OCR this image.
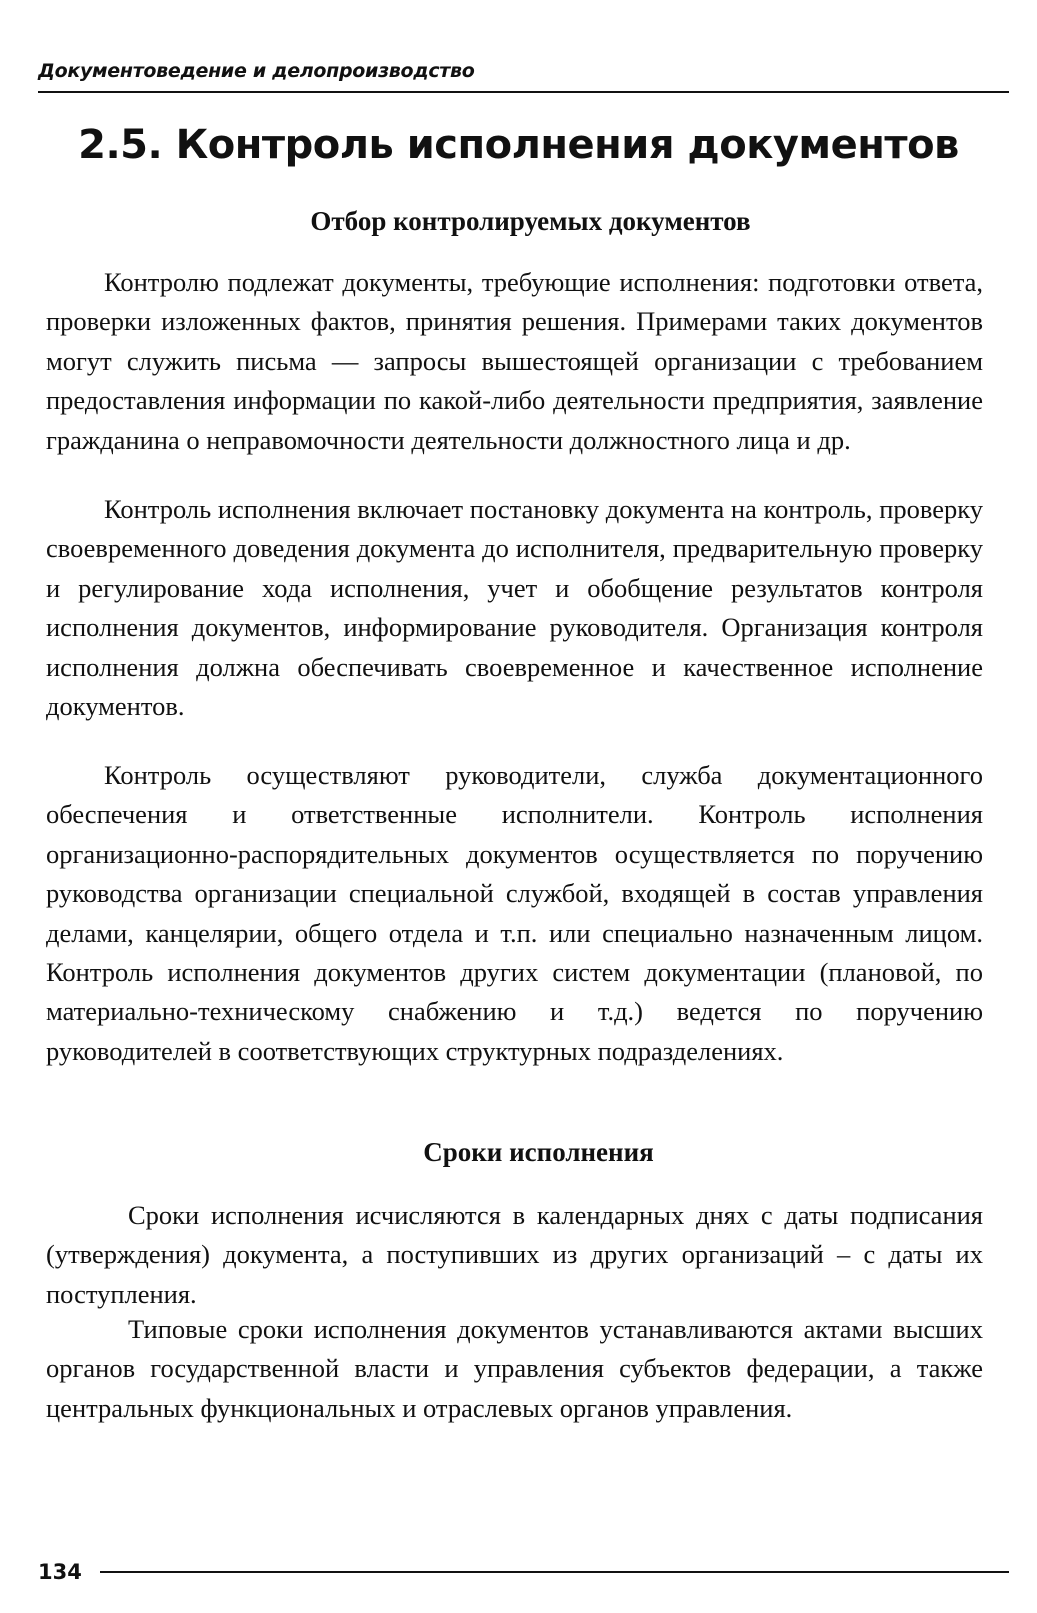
Документоведение и делопроизводство
2.5. Контроль исполнения документов
Отбор контролируемых документов

Контролю подлежат документы, требующие исполнения: подготовки ответа, проверки изложенных фактов, принятия решения. Примерами таких документов могут служить письма — запросы вышестоящей организации с требованием предоставления информации по какой-либо деятельности предприятия, заявление гражданина о неправомочности деятельности должностного лица и др.

Контроль исполнения включает постановку документа на контроль, проверку своевременного доведения документа до исполнителя, предварительную проверку и регулирование хода исполнения, учет и обобщение результатов контроля исполнения документов, информирование руководителя. Организация контроля исполнения должна обеспечивать своевременное и качественное исполнение документов.

Контроль осуществляют руководители, служба документационного обеспечения и ответственные исполнители. Контроль исполнения организационно-распорядительных документов осуществляется по поручению руководства организации специальной службой, входящей в состав управления делами, канцелярии, общего отдела и т.п. или специально назначенным лицом. Контроль исполнения документов других систем документации (плановой, по материально-техническому снабжению и т.д.) ведется по поручению руководителей в соответствующих структурных подразделениях.

Сроки исполнения

Сроки исполнения исчисляются в календарных днях с даты подписания (утверждения) документа, а поступивших из других организаций – с даты их поступления.

Типовые сроки исполнения документов устанавливаются актами высших органов государственной власти и управления субъектов федерации, а также центральных функциональных и отраслевых органов управления.

134
